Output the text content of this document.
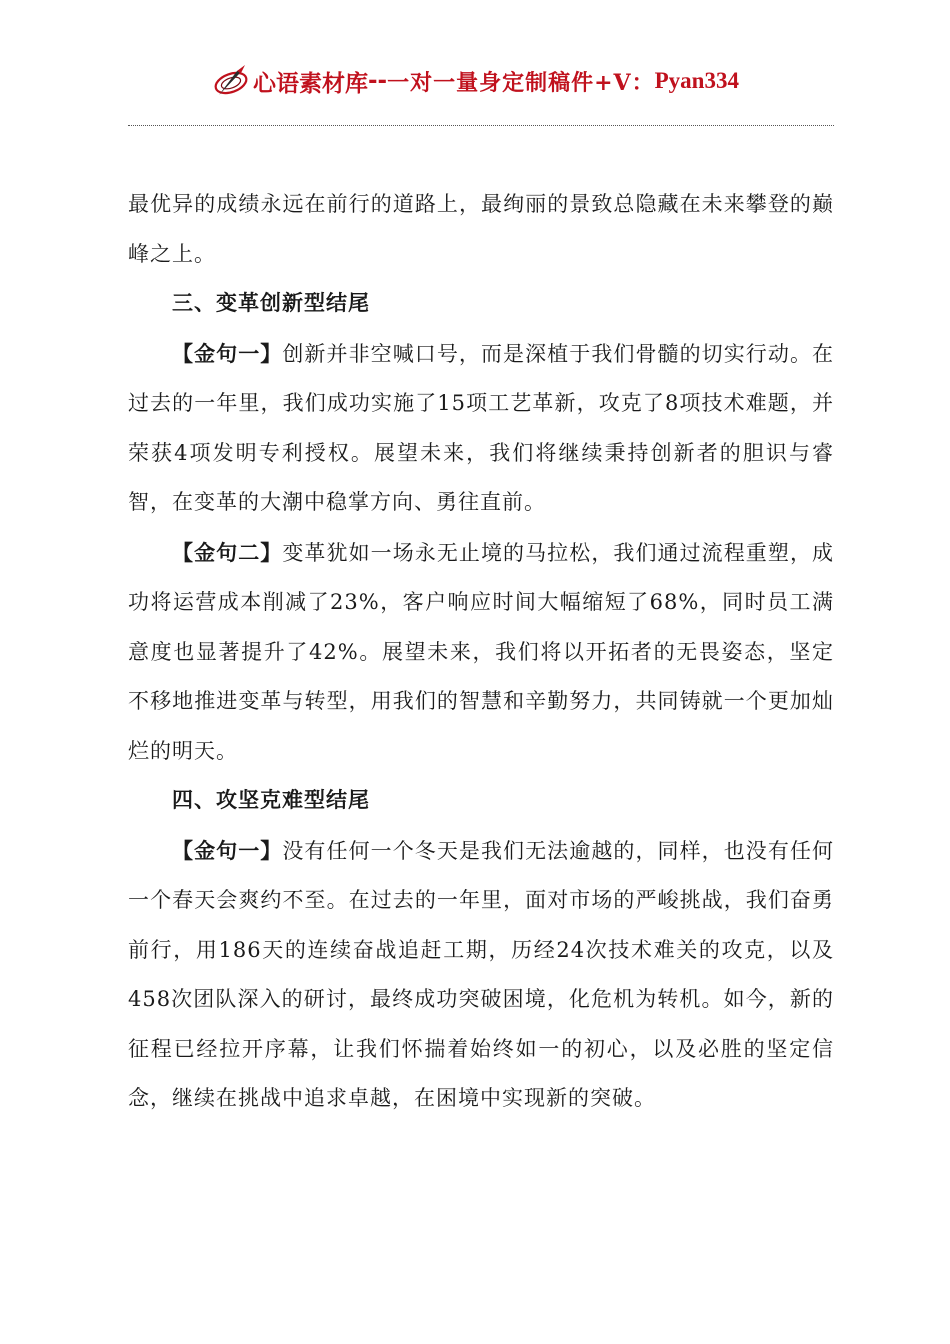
心语素材库 -- 一对一量身定制稿件+V： Pyan334

最优异的成绩永远在前行的道路上，最绚丽的景致总隐藏在未来攀登的巅峰之上。

三、变革创新型结尾

【金句一】创新并非空喊口号，而是深植于我们骨髓的切实行动。在过去的一年里，我们成功实施了15项工艺革新，攻克了8项技术难题，并荣获4项发明专利授权。展望未来，我们将继续秉持创新者的胆识与睿智，在变革的大潮中稳掌方向、勇往直前。

【金句二】变革犹如一场永无止境的马拉松，我们通过流程重塑，成功将运营成本削减了23%，客户响应时间大幅缩短了68%，同时员工满意度也显著提升了42%。展望未来，我们将以开拓者的无畏姿态，坚定不移地推进变革与转型，用我们的智慧和辛勤努力，共同铸就一个更加灿烂的明天。

四、攻坚克难型结尾

【金句一】没有任何一个冬天是我们无法逾越的，同样，也没有任何一个春天会爽约不至。在过去的一年里，面对市场的严峻挑战，我们奋勇前行，用186天的连续奋战追赶工期，历经24次技术难关的攻克，以及458次团队深入的研讨，最终成功突破困境，化危机为转机。如今，新的征程已经拉开序幕，让我们怀揣着始终如一的初心，以及必胜的坚定信念，继续在挑战中追求卓越，在困境中实现新的突破。
